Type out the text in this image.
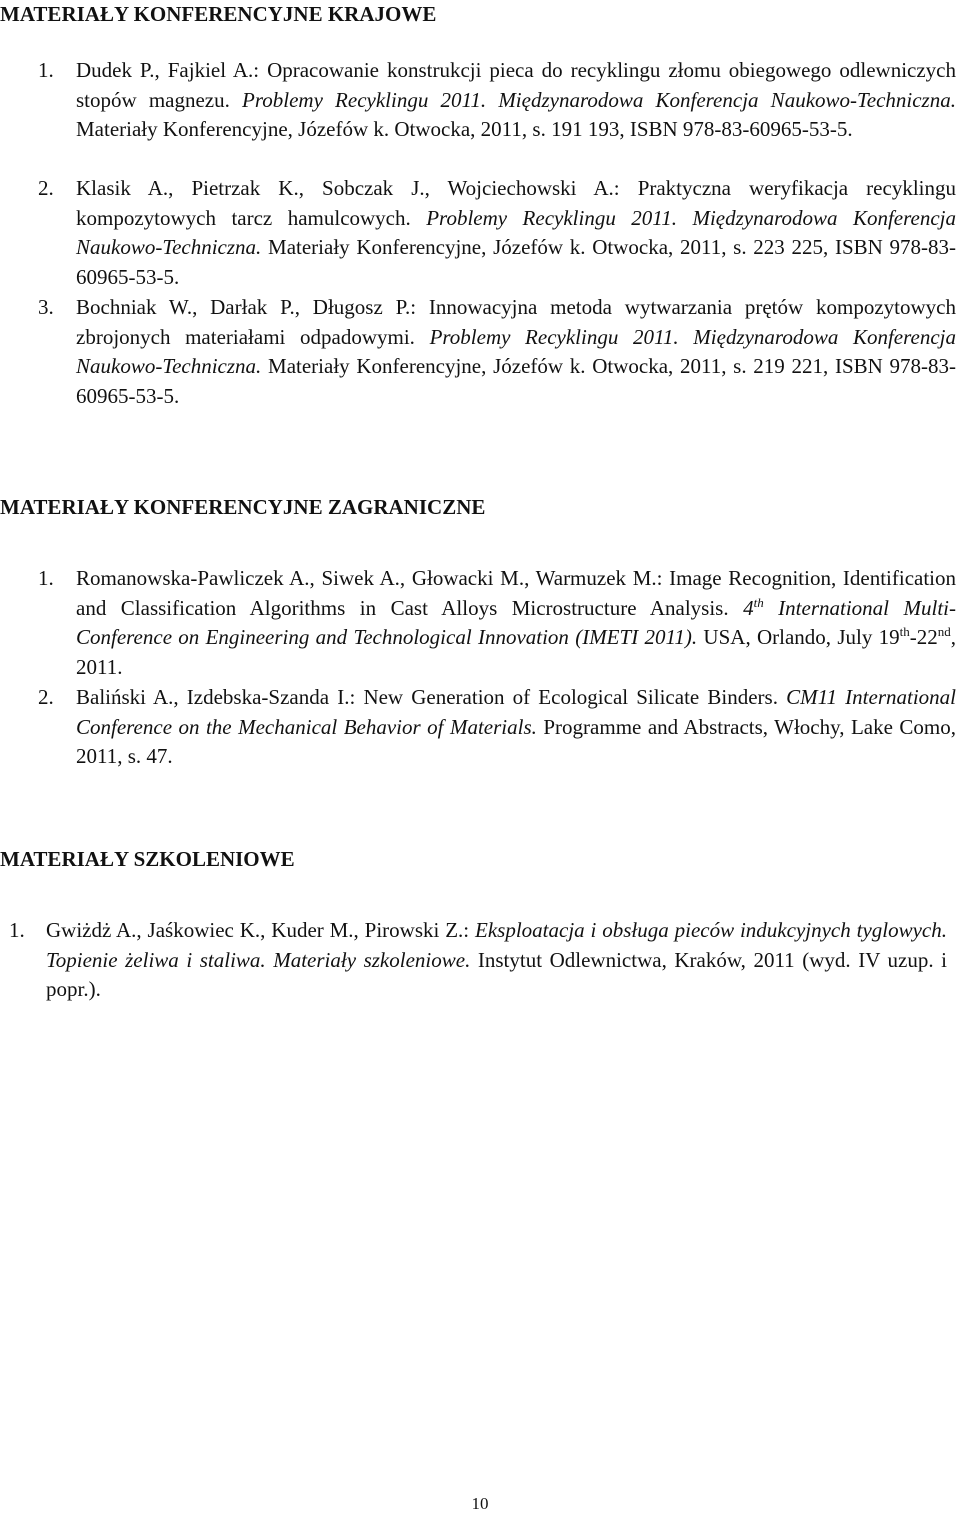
MATERIAŁY KONFERENCYJNE KRAJOWE

1. Dudek P., Fajkiel A.: Opracowanie konstrukcji pieca do recyklingu złomu obiegowego odlewniczych stopów magnezu. Problemy Recyklingu 2011. Międzynarodowa Konferencja Naukowo-Techniczna. Materiały Konferencyjne, Józefów k. Otwocka, 2011, s. 191 193, ISBN 978-83-60965-53-5.

2. Klasik A., Pietrzak K., Sobczak J., Wojciechowski A.: Praktyczna weryfikacja recyklingu kompozytowych tarcz hamulcowych. Problemy Recyklingu 2011. Międzynarodowa Konferencja Naukowo-Techniczna. Materiały Konferencyjne, Józefów k. Otwocka, 2011, s. 223 225, ISBN 978-83-60965-53-5.

3. Bochniak W., Darłak P., Długosz P.: Innowacyjna metoda wytwarzania prętów kompozytowych zbrojonych materiałami odpadowymi. Problemy Recyklingu 2011. Międzynarodowa Konferencja Naukowo-Techniczna. Materiały Konferencyjne, Józefów k. Otwocka, 2011, s. 219 221, ISBN 978-83-60965-53-5.

MATERIAŁY KONFERENCYJNE ZAGRANICZNE

1. Romanowska-Pawliczek A., Siwek A., Głowacki M., Warmuzek M.: Image Recognition, Identification and Classification Algorithms in Cast Alloys Microstructure Analysis. 4th International Multi-Conference on Engineering and Technological Innovation (IMETI 2011). USA, Orlando, July 19th-22nd, 2011.

2. Baliński A., Izdebska-Szanda I.: New Generation of Ecological Silicate Binders. CM11 International Conference on the Mechanical Behavior of Materials. Programme and Abstracts, Włochy, Lake Como, 2011, s. 47.

MATERIAŁY SZKOLENIOWE

1. Gwiżdż A., Jaśkowiec K., Kuder M., Pirowski Z.: Eksploatacja i obsługa pieców indukcyjnych tyglowych. Topienie żeliwa i staliwa. Materiały szkoleniowe. Instytut Odlewnictwa, Kraków, 2011 (wyd. IV uzup. i popr.).

10
